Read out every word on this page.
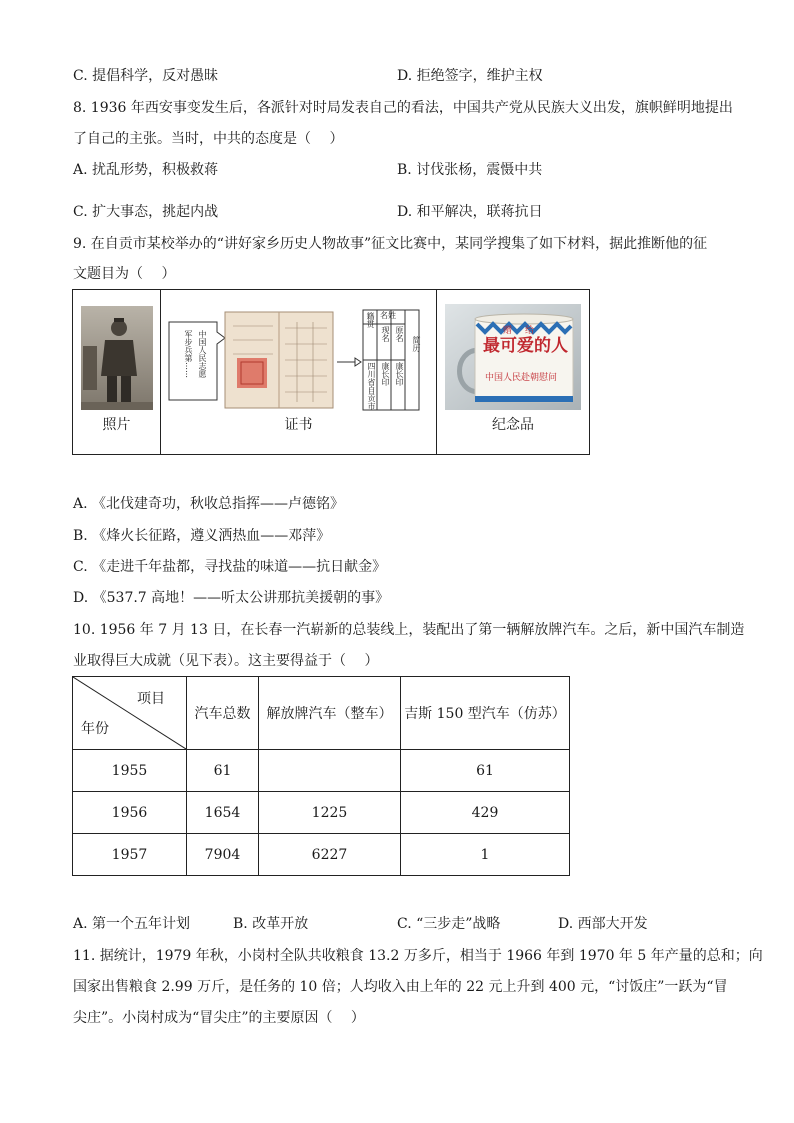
C. 提倡科学，反对愚昧	D. 拒绝签字，维护主权
8. 1936 年西安事变发生后，各派针对时局发表自己的看法，中国共产党从民族大义出发，旗帜鲜明地提出
了自己的主张。当时，中共的态度是（　 ）
A. 扰乱形势，积极救蒋	B. 讨伐张杨，震慑中共
C. 扩大事态，挑起内战	D. 和平解决，联蒋抗日
9. 在自贡市某校举办的“讲好家乡历史人物故事”征文比赛中，某同学搜集了如下材料，据此推断他的征
文题目为（　 ）
照片
军步兵第…… 中国人民志愿
籍贯 名姓
现名 原名
康长印 康长印
四川省自贡市
简历
证书
赠　给
最可爱的人
中国人民赴朝慰问
纪念品
A. 《北伐建奇功，秋收总指挥——卢德铭》
B. 《烽火长征路，遵义洒热血——邓萍》
C. 《走进千年盐都，寻找盐的味道——抗日献金》
D. 《537.7 高地！——听太公讲那抗美援朝的事》
10. 1956 年 7 月 13 日，在长春一汽崭新的总装线上，装配出了第一辆解放牌汽车。之后，新中国汽车制造
业取得巨大成就（见下表）。这主要得益于（　 ）
项目
年份	汽车总数	解放牌汽车（整车）	吉斯 150 型汽车（仿苏）
1955	61		61
1956	1654	1225	429
1957	7904	6227	1
A. 第一个五年计划	B. 改革开放	C. “三步走”战略	D. 西部大开发
11. 据统计，1979 年秋，小岗村全队共收粮食 13.2 万多斤，相当于 1966 年到 1970 年 5 年产量的总和；向
国家出售粮食 2.99 万斤，是任务的 10 倍；人均收入由上年的 22 元上升到 400 元，“讨饭庄”一跃为“冒
尖庄”。小岗村成为“冒尖庄”的主要原因（　 ）
